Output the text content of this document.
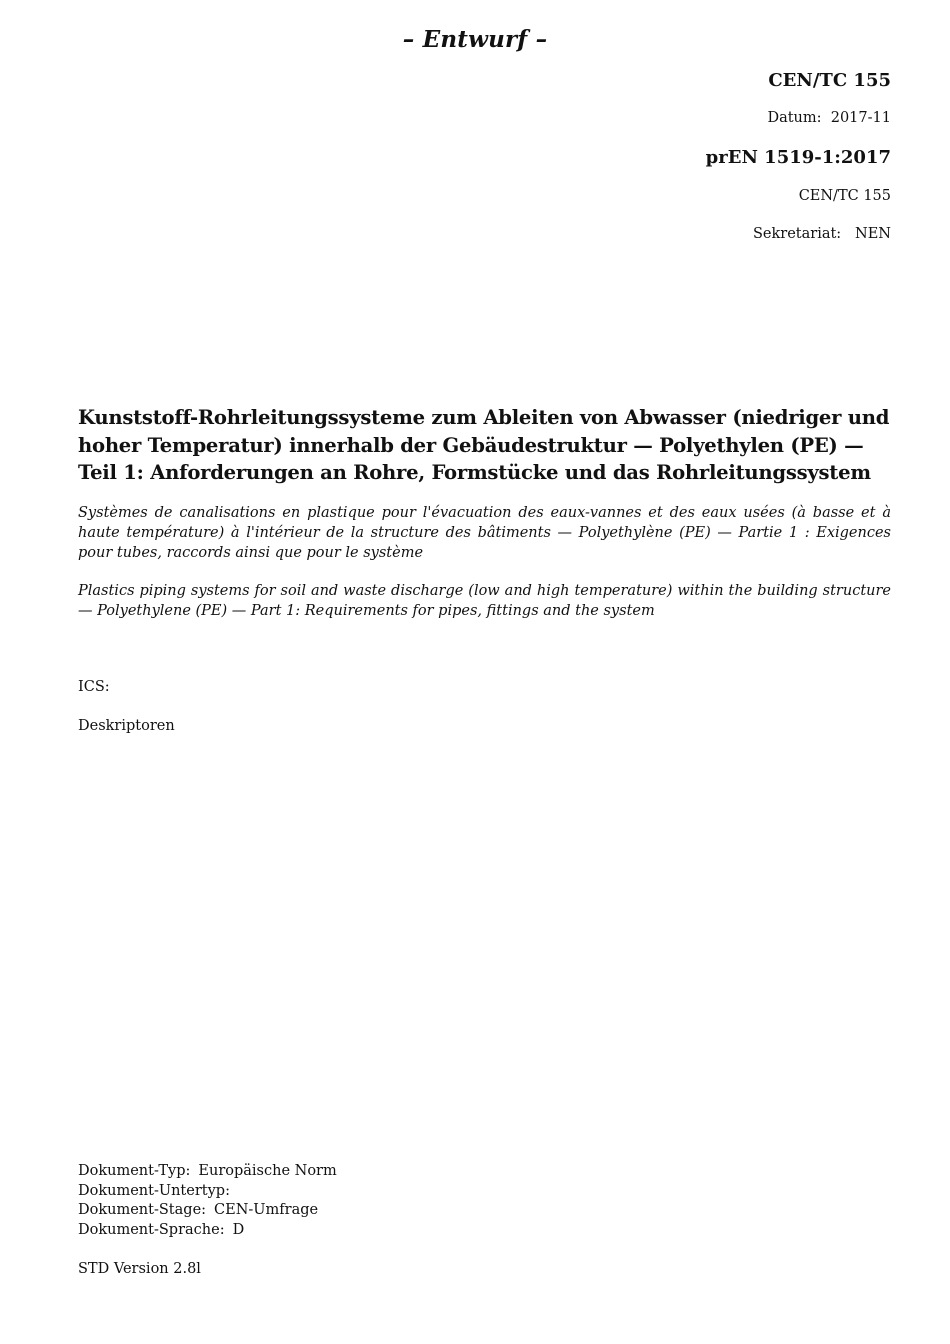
– Entwurf –
CEN/TC 155
Datum: 2017-11
prEN 1519-1:2017
CEN/TC 155
Sekretariat: NEN
Kunststoff-Rohrleitungssysteme zum Ableiten von Abwasser (niedriger und hoher Temperatur) innerhalb der Gebäudestruktur — Polyethylen (PE) — Teil 1: Anforderungen an Rohre, Formstücke und das Rohrleitungssystem
Systèmes de canalisations en plastique pour l'évacuation des eaux-vannes et des eaux usées (à basse et à haute température) à l'intérieur de la structure des bâtiments — Polyethylène (PE) — Partie 1 : Exigences pour tubes, raccords ainsi que pour le système
Plastics piping systems for soil and waste discharge (low and high temperature) within the building structure — Polyethylene (PE) — Part 1: Requirements for pipes, fittings and the system
ICS:
Deskriptoren
Dokument-Typ: Europäische Norm
Dokument-Untertyp:
Dokument-Stage: CEN-Umfrage
Dokument-Sprache: D
STD Version 2.8l
